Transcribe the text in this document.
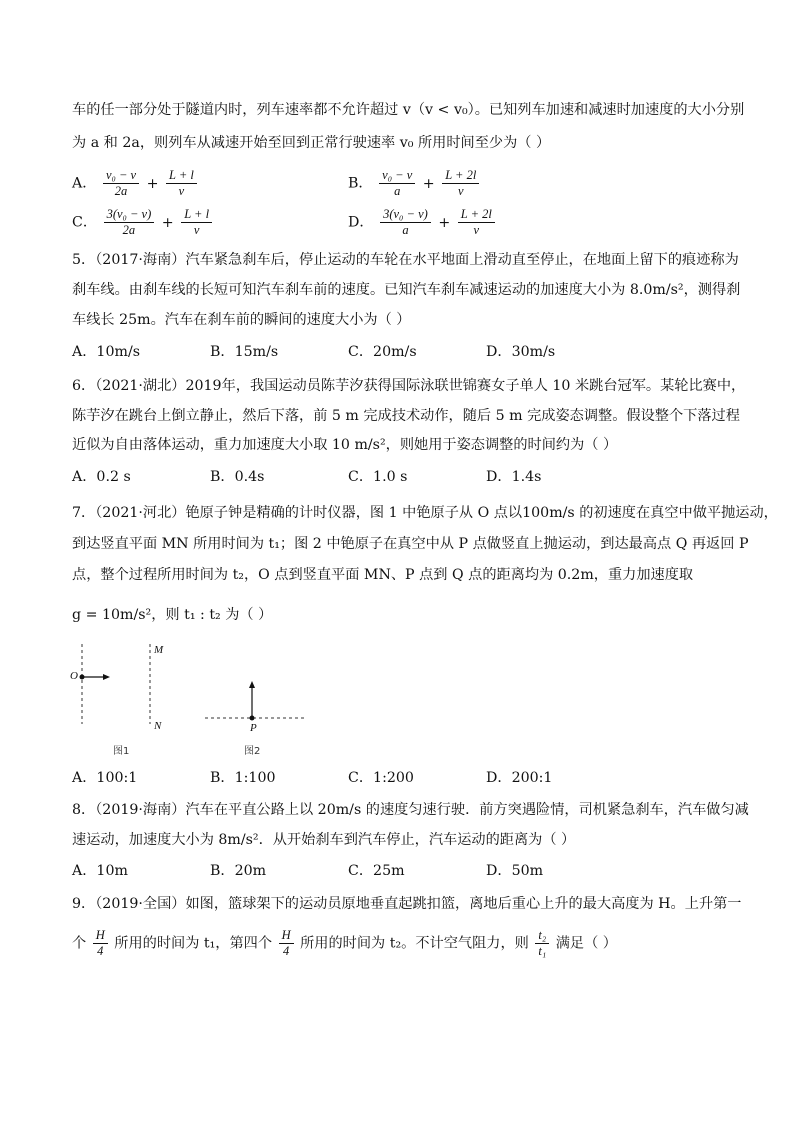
车的任一部分处于隧道内时，列车速率都不允许超过 v（v < v₀）。已知列车加速和减速时加速度的大小分别
为 a 和 2a，则列车从减速开始至回到正常行驶速率 v₀ 所用时间至少为（ ）
A． $\frac{\text{v₀ − v}}{2a} + \frac{L + l}{v}$	B． $\frac{\text{v₀ − v}}{a} + \frac{L + 2l}{v}$
C． $\frac{\text{3(v₀ − v)}}{2a} + \frac{L + l}{v}$	D． $\frac{\text{3(v₀ − v)}}{a} + \frac{L + 2l}{v}$
5．（2017·海南）汽车紧急刹车后，停止运动的车轮在水平地面上滑动直至停止，在地面上留下的痕迹称为
刹车线。由刹车线的长短可知汽车刹车前的速度。已知汽车刹车减速运动的加速度大小为 8.0m/s²，测得刹
车线长 25m。汽车在刹车前的瞬间的速度大小为（ ）
A．10m/s	B．15m/s	C．20m/s	D．30m/s
6．（2021·湖北）2019年，我国运动员陈芋汐获得国际泳联世锦赛女子单人 10 米跳台冠军。某轮比赛中，
陈芋汐在跳台上倒立静止，然后下落，前 5 m 完成技术动作，随后 5 m 完成姿态调整。假设整个下落过程
近似为自由落体运动，重力加速度大小取 10 m/s²，则她用于姿态调整的时间约为（ ）
A．0.2 s	B．0.4s	C．1.0 s	D．1.4s
7．（2021·河北）铯原子钟是精确的计时仪器，图 1 中铯原子从 O 点以100m/s 的初速度在真空中做平抛运动，
到达竖直平面 MN 所用时间为 t₁；图 2 中铯原子在真空中从 P 点做竖直上抛运动，到达最高点 Q 再返回 P
点，整个过程所用时间为 t₂，O 点到竖直平面 MN、P 点到 Q 点的距离均为 0.2m，重力加速度取
g = 10m/s²，则 t₁ : t₂ 为（ ）
O
M
N	P
图1	图2
A．100:1	B．1:100	C．1:200	D．200:1
8．（2019·海南）汽车在平直公路上以 20m/s 的速度匀速行驶．前方突遇险情，司机紧急刹车，汽车做匀减
速运动，加速度大小为 8m/s²．从开始刹车到汽车停止，汽车运动的距离为（ ）
A．10m	B．20m	C．25m	D．50m
9．（2019·全国）如图，篮球架下的运动员原地垂直起跳扣篮，离地后重心上升的最大高度为 H。上升第一
个 $\frac{H}{4}$ 所用的时间为 t₁，第四个 $\frac{H}{4}$ 所用的时间为 t₂。不计空气阻力，则 $\frac{\text{t₂}}{\text{t₁}}$ 满足（ ）
